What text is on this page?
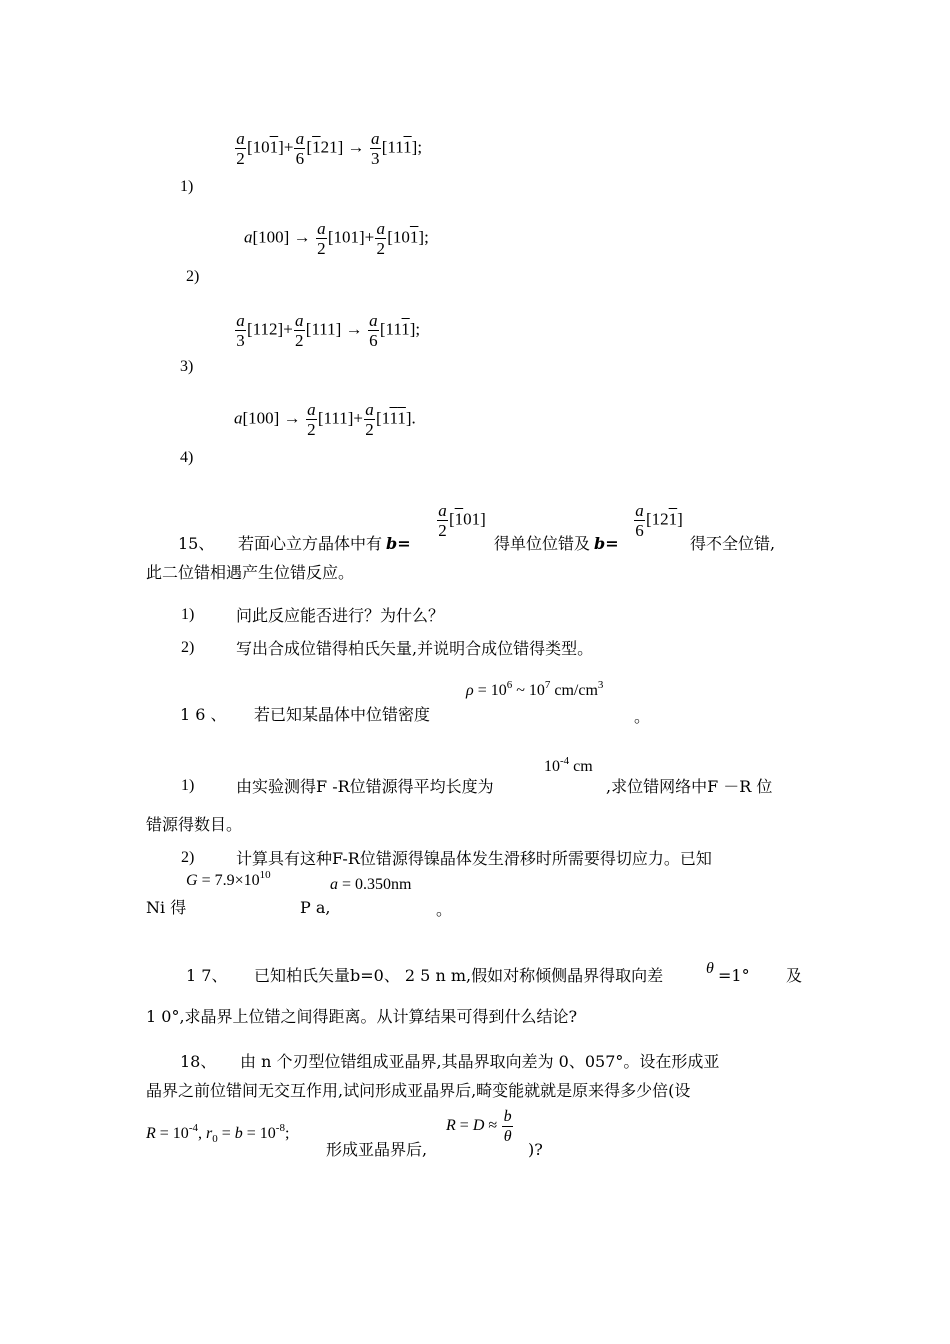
$\frac{a}{2} [101]+ \frac{a}{6} [121] \to \frac{a}{3} [111]$;
1)
$a[100] \to \frac{a}{2} [101]+ \frac{a}{2} [101]$;
2)
$\frac{a}{3} [112]+ \frac{a}{2} [111] \to \frac{a}{6} [111]$;
3)
$a[100] \to \frac{a}{2} [111]+ \frac{a}{2} [111]$.
4)
15、 若面心立方晶体中有 b=
$\frac{a}{2} [101]$
得单位位错及 b=
$\frac{a}{6} [121]$
得不全位错,
此二位错相遇产生位错反应。
1)	问此反应能否进行？为什么？
2)	写出合成位错得柏氏矢量,并说明合成位错得类型。
1 6 、 若已知某晶体中位错密度
$\rho = 10^6$ ~ $10^7$ $cm/cm^3$
。
$10^{-4}$ cm
1)	由实验测得F -R位错源得平均长度为	,求位错网络中F －R 位
错源得数目。
2)	计算具有这种F-R位错源得镍晶体发生滑移时所需要得切应力。已知
$G = 7.9\times 10^{10}$
a = 0.350nm
Ni 得	P a,	。
1 7、 已知柏氏矢量b=0、 2 5 n m,假如对称倾侧晶界得取向差	θ =1° 及
1 0°,求晶界上位错之间得距离。从计算结果可得到什么结论?
18、 由 n 个刃型位错组成亚晶界,其晶界取向差为 0、057°。设在形成亚
晶界之前位错间无交互作用,试问形成亚晶界后,畸变能就就是原来得多少倍(设
$R = 10^{-4}$, $r_0 = b = 10^{-8}$;
形成亚晶界后,
$R = D \approx \frac{b}{\theta}$
)?
